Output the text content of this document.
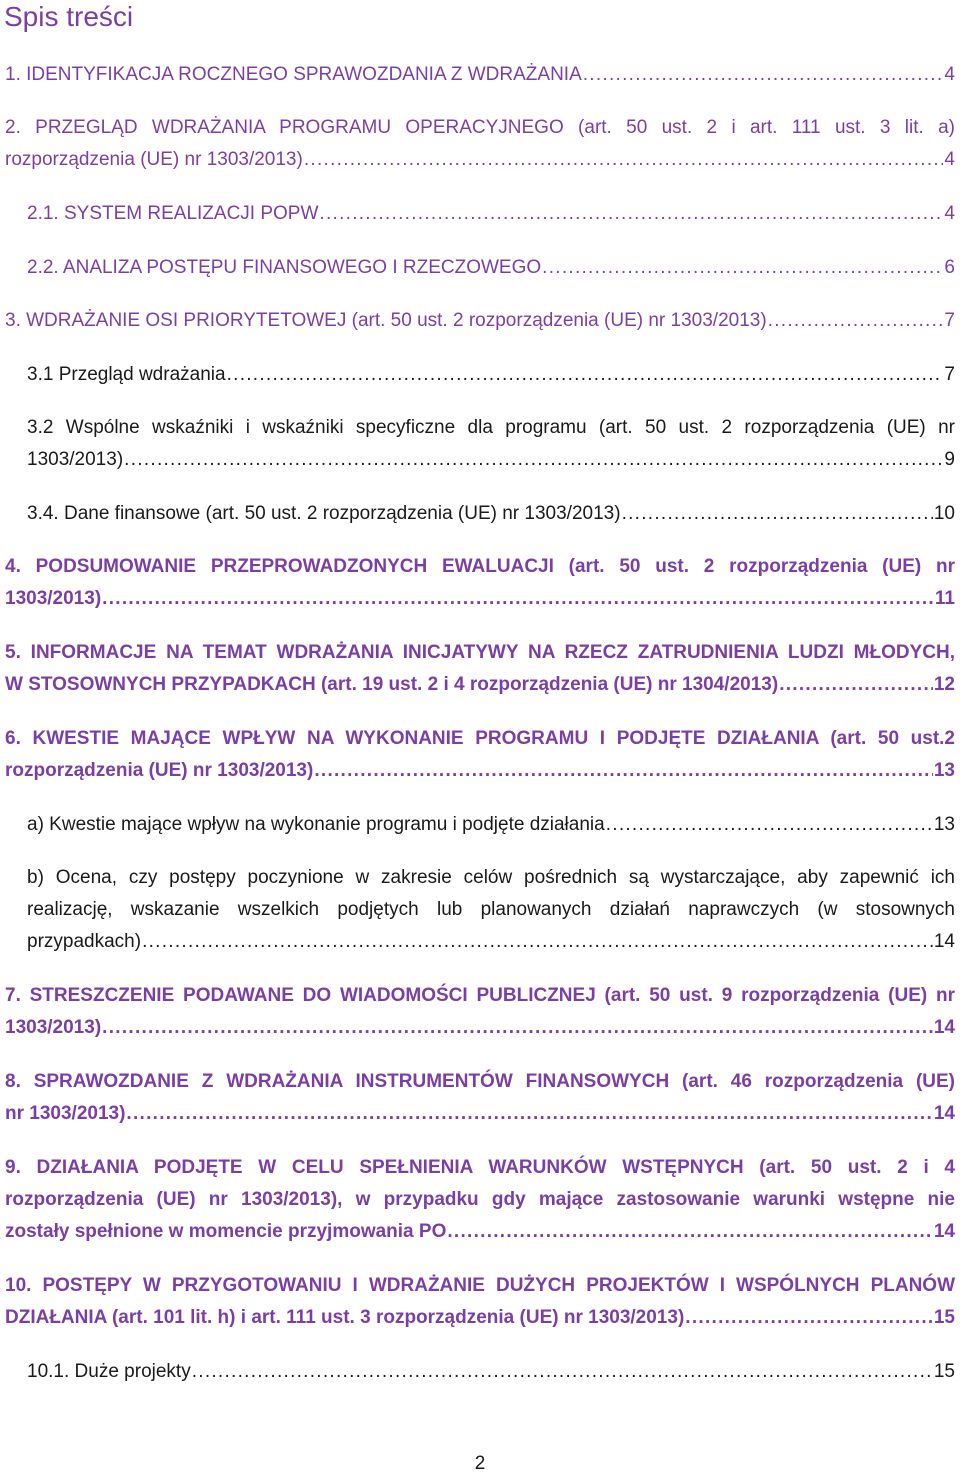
Spis treści
1. IDENTYFIKACJA ROCZNEGO SPRAWOZDANIA Z WDRAŻANIA . . .	4
2. PRZEGLĄD WDRAŻANIA PROGRAMU OPERACYJNEGO (art. 50 ust. 2 i art. 111 ust. 3 lit. a)
rozporządzenia (UE) nr 1303/2013) . . .	4
2.1. SYSTEM REALIZACJI POPW . . .	4
2.2. ANALIZA POSTĘPU FINANSOWEGO I RZECZOWEGO . . .	6
3. WDRAŻANIE OSI PRIORYTETOWEJ (art. 50 ust. 2 rozporządzenia (UE) nr 1303/2013) . . .	7
3.1 Przegląd wdrażania . . .	7
3.2 Wspólne wskaźniki i wskaźniki specyficzne dla programu (art. 50 ust. 2 rozporządzenia (UE) nr
1303/2013) . . .	9
3.4. Dane finansowe (art. 50 ust. 2 rozporządzenia (UE) nr 1303/2013) . . .	10
4. PODSUMOWANIE PRZEPROWADZONYCH EWALUACJI (art. 50 ust. 2 rozporządzenia (UE) nr
1303/2013) . . .	11
5. INFORMACJE NA TEMAT WDRAŻANIA INICJATYWY NA RZECZ ZATRUDNIENIA LUDZI MŁODYCH,
W STOSOWNYCH PRZYPADKACH (art. 19 ust. 2 i 4 rozporządzenia (UE) nr 1304/2013) . . .	12
6. KWESTIE MAJĄCE WPŁYW NA WYKONANIE PROGRAMU I PODJĘTE DZIAŁANIA (art. 50 ust.2
rozporządzenia (UE) nr 1303/2013) . . .	13
a) Kwestie mające wpływ na wykonanie programu i podjęte działania . . .	13
b) Ocena, czy postępy poczynione w zakresie celów pośrednich są wystarczające, aby zapewnić ich
realizację, wskazanie wszelkich podjętych lub planowanych działań naprawczych (w stosownych
przypadkach) . . .	14
7. STRESZCZENIE PODAWANE DO WIADOMOŚCI PUBLICZNEJ (art. 50 ust. 9 rozporządzenia (UE) nr
1303/2013) . . .	14
8. SPRAWOZDANIE Z WDRAŻANIA INSTRUMENTÓW FINANSOWYCH (art. 46 rozporządzenia (UE)
nr 1303/2013) . . .	14
9. DZIAŁANIA PODJĘTE W CELU SPEŁNIENIA WARUNKÓW WSTĘPNYCH (art. 50 ust. 2 i 4
rozporządzenia (UE) nr 1303/2013), w przypadku gdy mające zastosowanie warunki wstępne nie
zostały spełnione w momencie przyjmowania PO . . .	14
10. POSTĘPY W PRZYGOTOWANIU I WDRAŻANIE DUŻYCH PROJEKTÓW I WSPÓLNYCH PLANÓW
DZIAŁANIA (art. 101 lit. h) i art. 111 ust. 3 rozporządzenia (UE) nr 1303/2013) . . .	15
10.1. Duże projekty . . .	15
2
